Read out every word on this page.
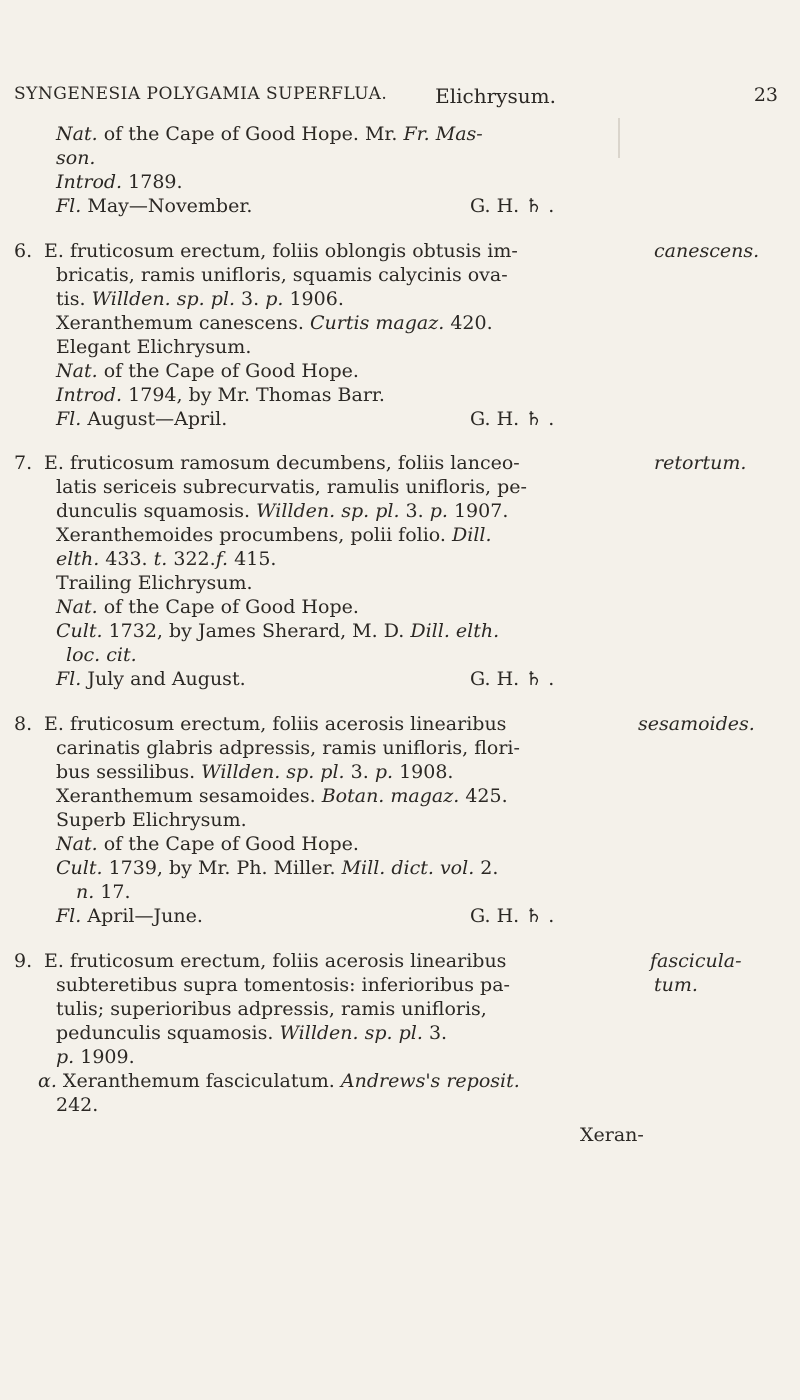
SYNGENESIA POLYGAMIA SUPERFLUA. Elichrysum.	23
Nat. of the Cape of Good Hope. Mr. Fr. Mas-
son.
Introd. 1789.
Fl. May—November.	G. H. ♄ .
6. E. fruticosum erectum, foliis oblongis obtusis im-	canescens.
bricatis, ramis unifloris, squamis calycinis ova-
tis. Willden. sp. pl. 3. p. 1906.
Xeranthemum canescens. Curtis magaz. 420.
Elegant Elichrysum.
Nat. of the Cape of Good Hope.
Introd. 1794, by Mr. Thomas Barr.
Fl. August—April.	G. H. ♄ .
7. E. fruticosum ramosum decumbens, foliis lanceo-	retortum.
latis sericeis subrecurvatis, ramulis unifloris, pe-
dunculis squamosis. Willden. sp. pl. 3. p. 1907.
Xeranthemoides procumbens, polii folio. Dill.
elth. 433. t. 322.f. 415.
Trailing Elichrysum.
Nat. of the Cape of Good Hope.
Cult. 1732, by James Sherard, M. D. Dill. elth.
loc. cit.
Fl. July and August.	G. H. ♄ .
8. E. fruticosum erectum, foliis acerosis linearibus	sesamoides.
carinatis glabris adpressis, ramis unifloris, flori-
bus sessilibus. Willden. sp. pl. 3. p. 1908.
Xeranthemum sesamoides. Botan. magaz. 425.
Superb Elichrysum.
Nat. of the Cape of Good Hope.
Cult. 1739, by Mr. Ph. Miller. Mill. dict. vol. 2.
n. 17.
Fl. April—June.	G. H. ♄ .
9. E. fruticosum erectum, foliis acerosis linearibus	fascicula-
tum.
subteretibus supra tomentosis: inferioribus pa-
tulis; superioribus adpressis, ramis unifloris,
pedunculis squamosis. Willden. sp. pl. 3.
p. 1909.
α. Xeranthemum fasciculatum. Andrews's reposit.
242.
Xeran-
